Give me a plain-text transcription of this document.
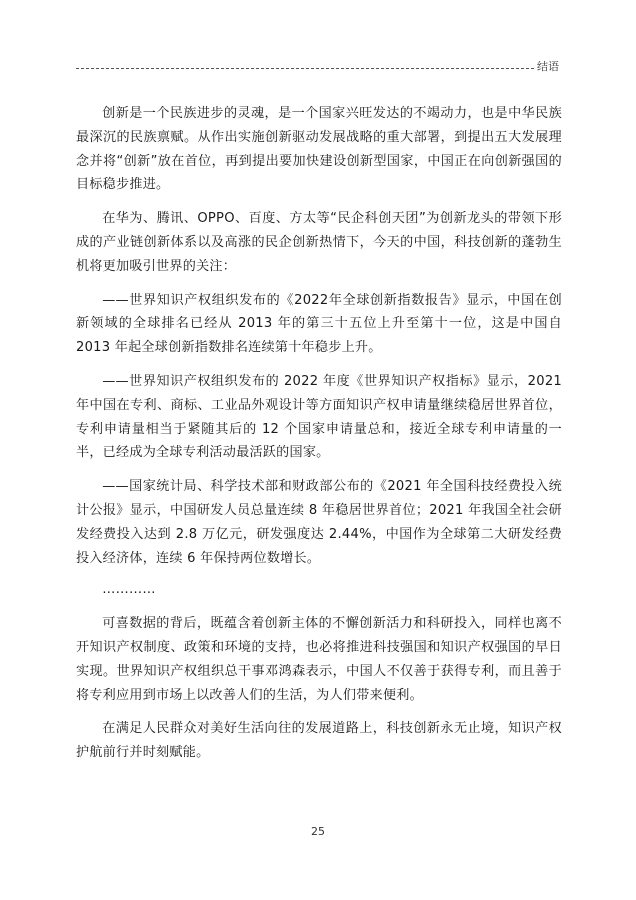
结语

创新是一个民族进步的灵魂，是一个国家兴旺发达的不竭动力，也是中华民族最深沉的民族禀赋。从作出实施创新驱动发展战略的重大部署，到提出五大发展理念并将“创新”放在首位，再到提出要加快建设创新型国家，中国正在向创新强国的目标稳步推进。

在华为、腾讯、OPPO、百度、方太等“民企科创天团”为创新龙头的带领下形成的产业链创新体系以及高涨的民企创新热情下，今天的中国，科技创新的蓬勃生机将更加吸引世界的关注：

——世界知识产权组织发布的《2022年全球创新指数报告》显示，中国在创新领域的全球排名已经从 2013 年的第三十五位上升至第十一位，这是中国自 2013 年起全球创新指数排名连续第十年稳步上升。

——世界知识产权组织发布的 2022 年度《世界知识产权指标》显示，2021 年中国在专利、商标、工业品外观设计等方面知识产权申请量继续稳居世界首位，专利申请量相当于紧随其后的 12 个国家申请量总和，接近全球专利申请量的一半，已经成为全球专利活动最活跃的国家。

——国家统计局、科学技术部和财政部公布的《2021 年全国科技经费投入统计公报》显示，中国研发人员总量连续 8 年稳居世界首位；2021 年我国全社会研发经费投入达到 2.8 万亿元，研发强度达 2.44%，中国作为全球第二大研发经费投入经济体，连续 6 年保持两位数增长。

…………

可喜数据的背后，既蕴含着创新主体的不懈创新活力和科研投入，同样也离不开知识产权制度、政策和环境的支持，也必将推进科技强国和知识产权强国的早日实现。世界知识产权组织总干事邓鸿森表示，中国人不仅善于获得专利，而且善于将专利应用到市场上以改善人们的生活，为人们带来便利。

在满足人民群众对美好生活向往的发展道路上，科技创新永无止境，知识产权护航前行并时刻赋能。

25
